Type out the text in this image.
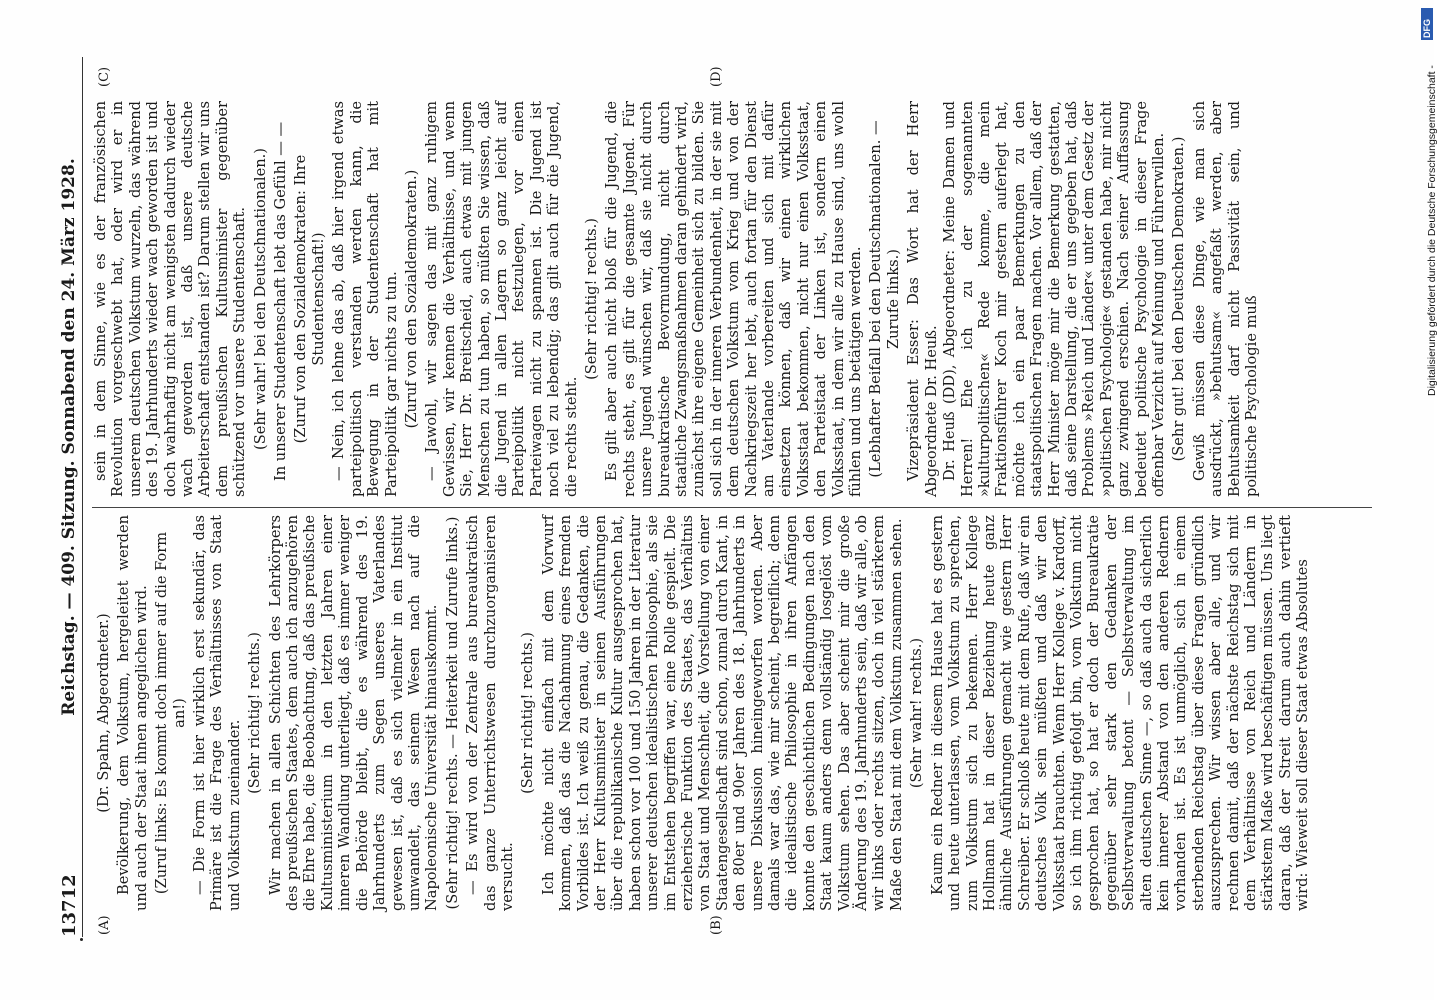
13712
Reichstag. — 409. Sitzung. Sonnabend den 24. März 1928.
(A)	(B)
(C)	(D)

(Dr. Spahn, Abgeordneter.) Bevölkerung, dem Volkstum, hergeleitet werden und auch der Staat ihnen angeglichen wird. (Zuruf links: Es kommt doch immer auf die Form an!) — Die Form ist hier wirklich erst sekundär, das Primäre ist die Frage des Verhältnisses von Staat und Volkstum zueinander.

(Sehr richtig! rechts.) Wir machen in allen Schichten des Lehrkörpers des preußischen Staates, dem auch ich anzugehören die Ehre habe, die Beobachtung, daß das preußische Kultusministerium in den letzten Jahren einer inneren Wandlung unterliegt, daß es immer weniger die Behörde bleibt, die es während des 19. Jahrhunderts zum Segen unseres Vaterlandes gewesen ist, daß es sich vielmehr in ein Institut umwandelt, das seinem Wesen nach auf die Napoleonische Universität hinauskommt. (Sehr richtig! rechts. — Heiterkeit und Zurufe links.) — Es wird von der Zentrale aus bureaukratisch das ganze Unterrichtswesen durchzuorganisieren versucht.

(Sehr richtig! rechts.) Ich möchte nicht einfach mit dem Vorwurf kommen, daß das die Nachahmung eines fremden Vorbildes ist. Ich weiß zu genau, die Gedanken, die der Herr Kultusminister in seinen Ausführungen über die republikanische Kultur ausgesprochen hat, haben schon vor 100 und 150 Jahren in der Literatur unserer deutschen idealistischen Philosophie, als sie im Entstehen begriffen war, eine Rolle gespielt. Die erzieherische Funktion des Staates, das Verhältnis von Staat und Menschheit, die Vorstellung von einer Staatengesellschaft sind schon, zumal durch Kant, in den 80er und 90er Jahren des 18. Jahrhunderts in unsere Diskussion hineingeworfen worden. Aber damals war das, wie mir scheint, begreiflich; denn die idealistische Philosophie in ihren Anfängen konnte den geschichtlichen Bedingungen nach den Staat kaum anders denn vollständig losgelöst vom Volkstum sehen. Das aber scheint mir die große Änderung des 19. Jahrhunderts sein, daß wir alle, ob wir links oder rechts sitzen, doch in viel stärkerem Maße den Staat mit dem Volkstum zusammen sehen. (Sehr wahr! rechts.) Kaum ein Redner in diesem Hause hat es gestern und heute unterlassen, vom Volkstum zu sprechen, zum Volkstum sich zu bekennen. Herr Kollege Hollmann hat in dieser Beziehung heute ganz ähnliche Ausführungen gemacht wie gestern Herr Schreiber. Er schloß heute mit dem Rufe, daß wir ein deutsches Volk sein müßten und daß wir den Volksstaat brauchten. Wenn Herr Kollege v. Kardorff, so ich ihm richtig gefolgt bin, vom Volkstum nicht gesprochen hat, so hat er doch der Bureaukratie gegenüber sehr stark den Gedanken der Selbstverwaltung betont — Selbstverwaltung im alten deutschen Sinne —, so daß auch da sicherlich kein innerer Abstand von den anderen Rednern vorhanden ist. Es ist unmöglich, sich in einem sterbenden Reichstag über diese Fragen gründlich auszusprechen. Wir wissen aber alle, und wir rechnen damit, daß der nächste Reichstag sich mit dem Verhältnisse von Reich und Ländern in stärkstem Maße wird beschäftigen müssen. Uns liegt daran, daß der Streit darum auch dahin vertieft wird: Wieweit soll dieser Staat etwas Absolutes

sein in dem Sinne, wie es der französischen Revolution vorgeschwebt hat, oder wird er in unserem deutschen Volkstum wurzeln, das während des 19. Jahrhunderts wieder wach geworden ist und doch wahrhaftig nicht am wenigsten dadurch wieder wach geworden ist, daß unsere deutsche Arbeiterschaft entstanden ist? Darum stellen wir uns dem preußischen Kultusminister gegenüber schützend vor unsere Studentenschaft. (Sehr wahr! bei den Deutschnationalen.) In unserer Studentenschaft lebt das Gefühl — — (Zuruf von den Sozialdemokraten: Ihre Studentenschaft!) — Nein, ich lehne das ab, daß hier irgend etwas parteipolitisch verstanden werden kann, die Bewegung in der Studentenschaft hat mit Parteipolitik gar nichts zu tun. (Zuruf von den Sozialdemokraten.) — Jawohl, wir sagen das mit ganz ruhigem Gewissen, wir kennen die Verhältnisse, und wenn Sie, Herr Dr. Breitscheid, auch etwas mit jungen Menschen zu tun haben, so müßten Sie wissen, daß die Jugend in allen Lagern so ganz leicht auf Parteipolitik nicht festzulegen, vor einen Parteiwagen nicht zu spannen ist. Die Jugend ist noch viel zu lebendig; das gilt auch für die Jugend, die rechts steht.

(Sehr richtig! rechts.) Es gilt aber auch nicht bloß für die Jugend, die rechts steht, es gilt für die gesamte Jugend. Für unsere Jugend wünschen wir, daß sie nicht durch bureaukratische Bevormundung, nicht durch staatliche Zwangsmaßnahmen daran gehindert wird, zunächst ihre eigene Gemeinheit sich zu bilden. Sie soll sich in der inneren Verbundenheit, in der sie mit dem deutschen Volkstum vom Krieg und von der Nachkriegszeit her lebt, auch fortan für den Dienst am Vaterlande vorbereiten und sich mit dafür einsetzen können, daß wir einen wirklichen Volksstaat bekommen, nicht nur einen Volksstaat, den Parteistaat der Linken ist, sondern einen Volksstaat, in dem wir alle zu Hause sind, uns wohl fühlen und uns betätigen werden. (Lebhafter Beifall bei den Deutschnationalen. — Zurufe links.) Vizepräsident Esser: Das Wort hat der Herr Abgeordnete Dr. Heuß. Dr. Heuß (DD), Abgeordneter: Meine Damen und Herren! Ehe ich zu der sogenannten »kulturpolitischen« Rede komme, die mein Fraktionsführer Koch mir gestern auferlegt hat, möchte ich ein paar Bemerkungen zu den staatspolitischen Fragen machen. Vor allem, daß der Herr Minister möge mir die Bemerkung gestatten, daß seine Darstellung, die er uns gegeben hat, daß Problems »Reich und Länder« unter dem Gesetz der »politischen Psychologie« gestanden habe, mir nicht ganz zwingend erschien. Nach seiner Auffassung bedeutet politische Psychologie in dieser Frage offenbar Verzicht auf Meinung und Führerwillen. (Sehr gut! bei den Deutschen Demokraten.) Gewiß müssen diese Dinge, wie man sich ausdrückt, »behutsam« angefaßt werden, aber Behutsamkeit darf nicht Passivität sein, und politische Psychologie muß

Digitalisierung gefördert durch die Deutsche Forschungsgemeinschaft -
DFG
